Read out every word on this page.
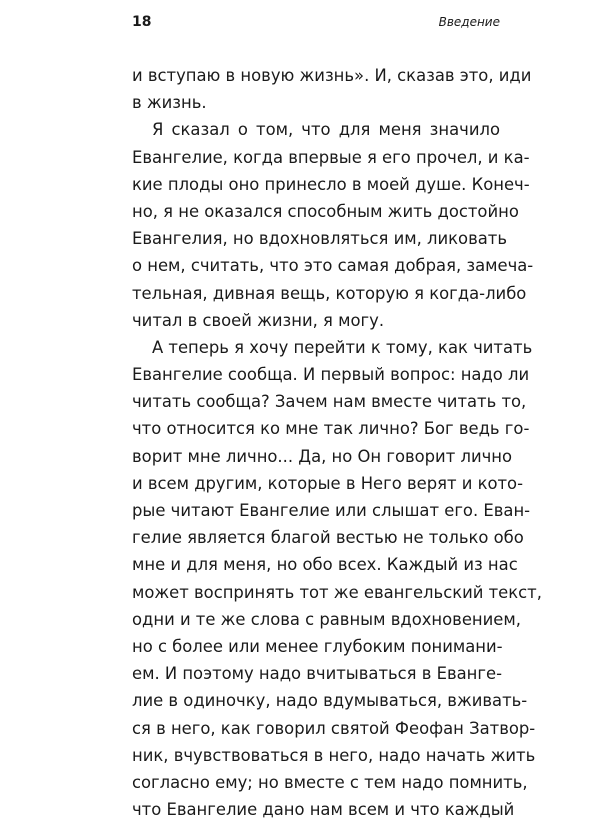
18	Введение
и вступаю в новую жизнь». И, сказав это, иди
в жизнь.
Я сказал о том, что для меня значило
Евангелие, когда впервые я его прочел, и ка-
кие плоды оно принесло в моей душе. Конеч-
но, я не оказался способным жить достойно
Евангелия, но вдохновляться им, ликовать
о нем, считать, что это самая добрая, замеча-
тельная, дивная вещь, которую я когда-либо
читал в своей жизни, я могу.
А теперь я хочу перейти к тому, как читать
Евангелие сообща. И первый вопрос: надо ли
читать сообща? Зачем нам вместе читать то,
что относится ко мне так лично? Бог ведь го-
ворит мне лично... Да, но Он говорит лично
и всем другим, которые в Него верят и кото-
рые читают Евангелие или слышат его. Еван-
гелие является благой вестью не только обо
мне и для меня, но обо всех. Каждый из нас
может воспринять тот же евангельский текст,
одни и те же слова с равным вдохновением,
но с более или менее глубоким понимани-
ем. И поэтому надо вчитываться в Еванге-
лие в одиночку, надо вдумываться, вживать-
ся в него, как говорил святой Феофан Затвор-
ник, вчувствоваться в него, надо начать жить
согласно ему; но вместе с тем надо помнить,
что Евангелие дано нам всем и что каждый
